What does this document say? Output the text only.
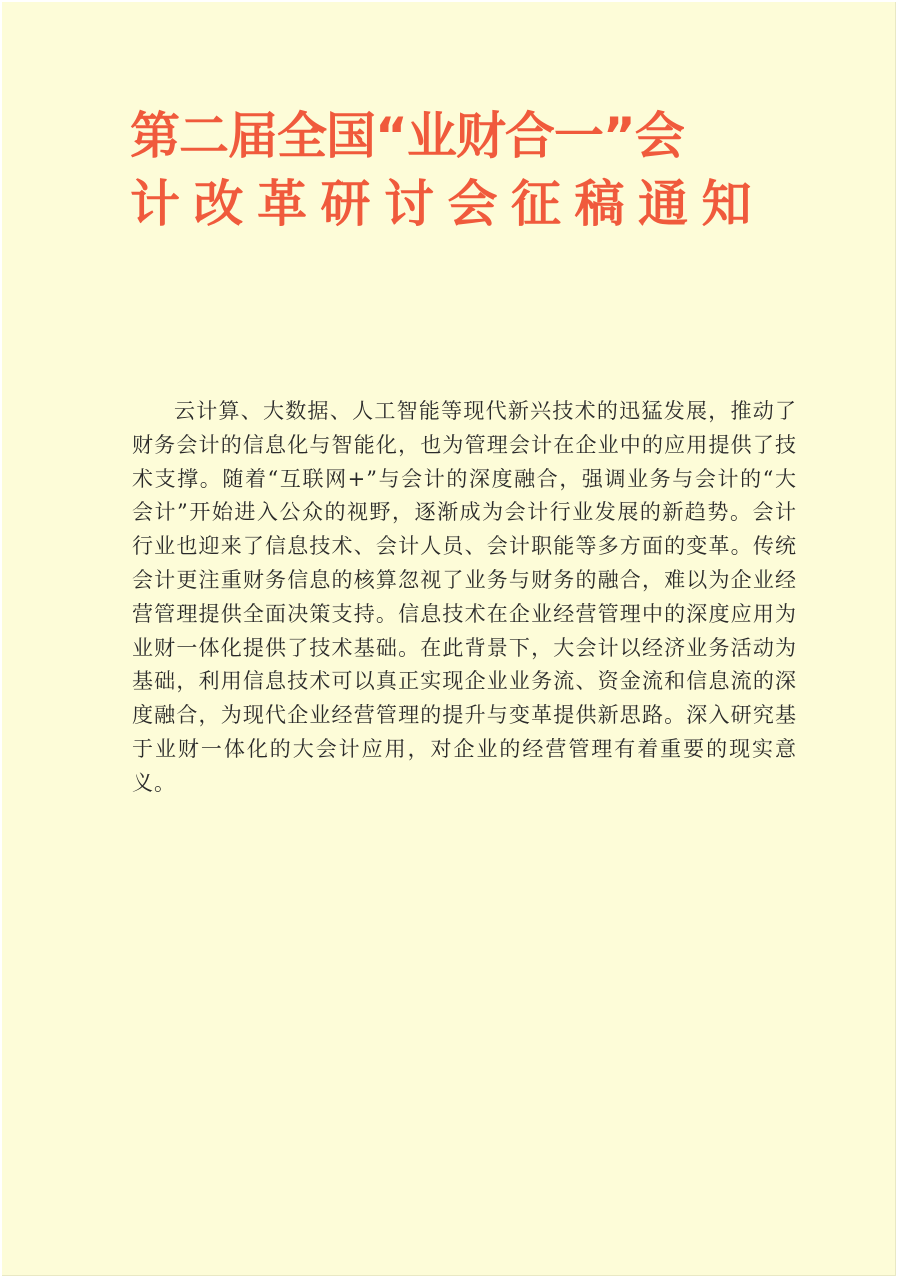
第二届全国“业财合一”会
计改革研讨会征稿通知

云计算、大数据、人工智能等现代新兴技术的迅猛发展，推动了财务会计的信息化与智能化，也为管理会计在企业中的应用提供了技术支撑。随着“互联网+”与会计的深度融合，强调业务与会计的“大会计”开始进入公众的视野，逐渐成为会计行业发展的新趋势。会计行业也迎来了信息技术、会计人员、会计职能等多方面的变革。传统会计更注重财务信息的核算忽视了业务与财务的融合，难以为企业经营管理提供全面决策支持。信息技术在企业经营管理中的深度应用为业财一体化提供了技术基础。在此背景下，大会计以经济业务活动为基础，利用信息技术可以真正实现企业业务流、资金流和信息流的深度融合，为现代企业经营管理的提升与变革提供新思路。深入研究基于业财一体化的大会计应用，对企业的经营管理有着重要的现实意义。
